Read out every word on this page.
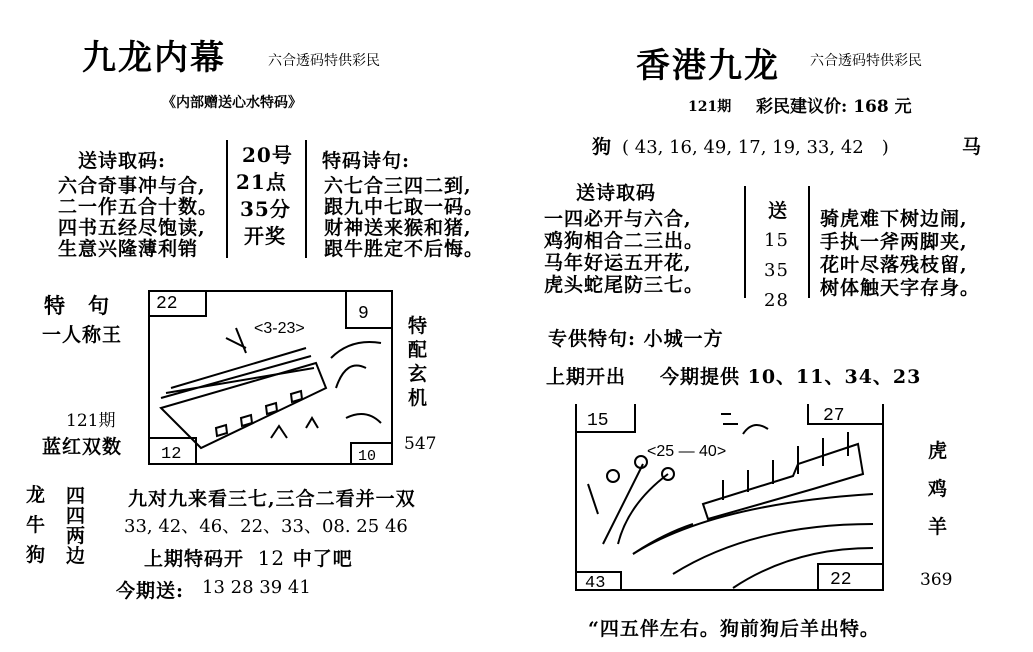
九龙内幕	六合透码特供彩民
《内部赠送心水特码》
送诗取码:
六合奇事冲与合,
二一作五合十数。
四书五经尽饱读,
生意兴隆薄利销
20号
21点
35分
开奖
特码诗句:
六七合三四二到,
跟九中七取一码。
财神送来猴和猪,
跟牛胜定不后悔。
特　句
一人称王
121期
蓝红双数
22	9
12	10
<3-23>	特
配
玄
机
547
龙
牛
狗
四
四
两
边
九对九来看三七,三合二看并一双
33, 42、46、22、33、08. 25 46
上期特码开 12 中了吧
今期送: 13 28 39 41
香港九龙 六合透码特供彩民
121期 彩民建议价: 168 元
狗 ( 43, 16, 49, 17, 19, 33, 42　)	马
送诗取码
一四必开与六合,
鸡狗相合二三出。
马年好运五开花,
虎头蛇尾防三七。
送
15
35
28
骑虎难下树边闹,
手执一斧两脚夹,
花叶尽落残枝留,
树体触天字存身。
专供特句: 小城一方
上期开出 今期提供 10、11、34、23
15	27
43	22
<25 — 40>	虎
鸡
羊
369
“四五伴左右。狗前狗后羊出特。
